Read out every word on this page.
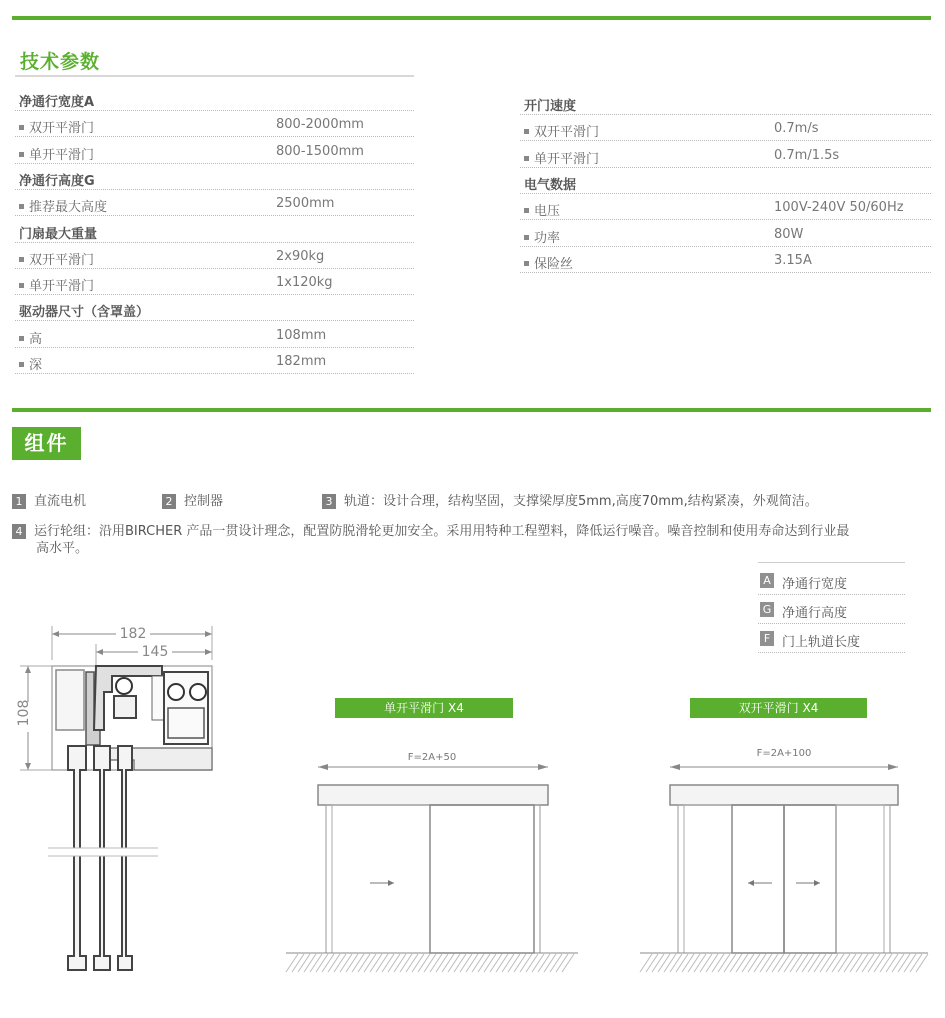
技术参数
净通行宽度A
双开平滑门	800-2000mm
单开平滑门	800-1500mm
净通行高度G
推荐最大高度	2500mm
门扇最大重量
双开平滑门	2x90kg
单开平滑门	1x120kg
驱动器尺寸（含罩盖）
高	108mm
深	182mm
开门速度
双开平滑门	0.7m/s
单开平滑门	0.7m/1.5s
电气数据
电压	100V-240V 50/60Hz
功率	80W
保险丝	3.15A
组件
1 直流电机	2 控制器	3 轨道：设计合理，结构坚固，支撑梁厚度5mm,高度70mm,结构紧凑，外观简洁。
4 运行轮组：沿用BIRCHER 产品一贯设计理念，配置防脱滑轮更加安全。采用用特种工程塑料，降低运行噪音。噪音控制和使用寿命达到行业最
高水平。
A 净通行宽度
G 净通行高度
F 门上轨道长度
182
145
108	单开平滑门 X4
F=2A+50
双开平滑门 X4
F=2A+100
